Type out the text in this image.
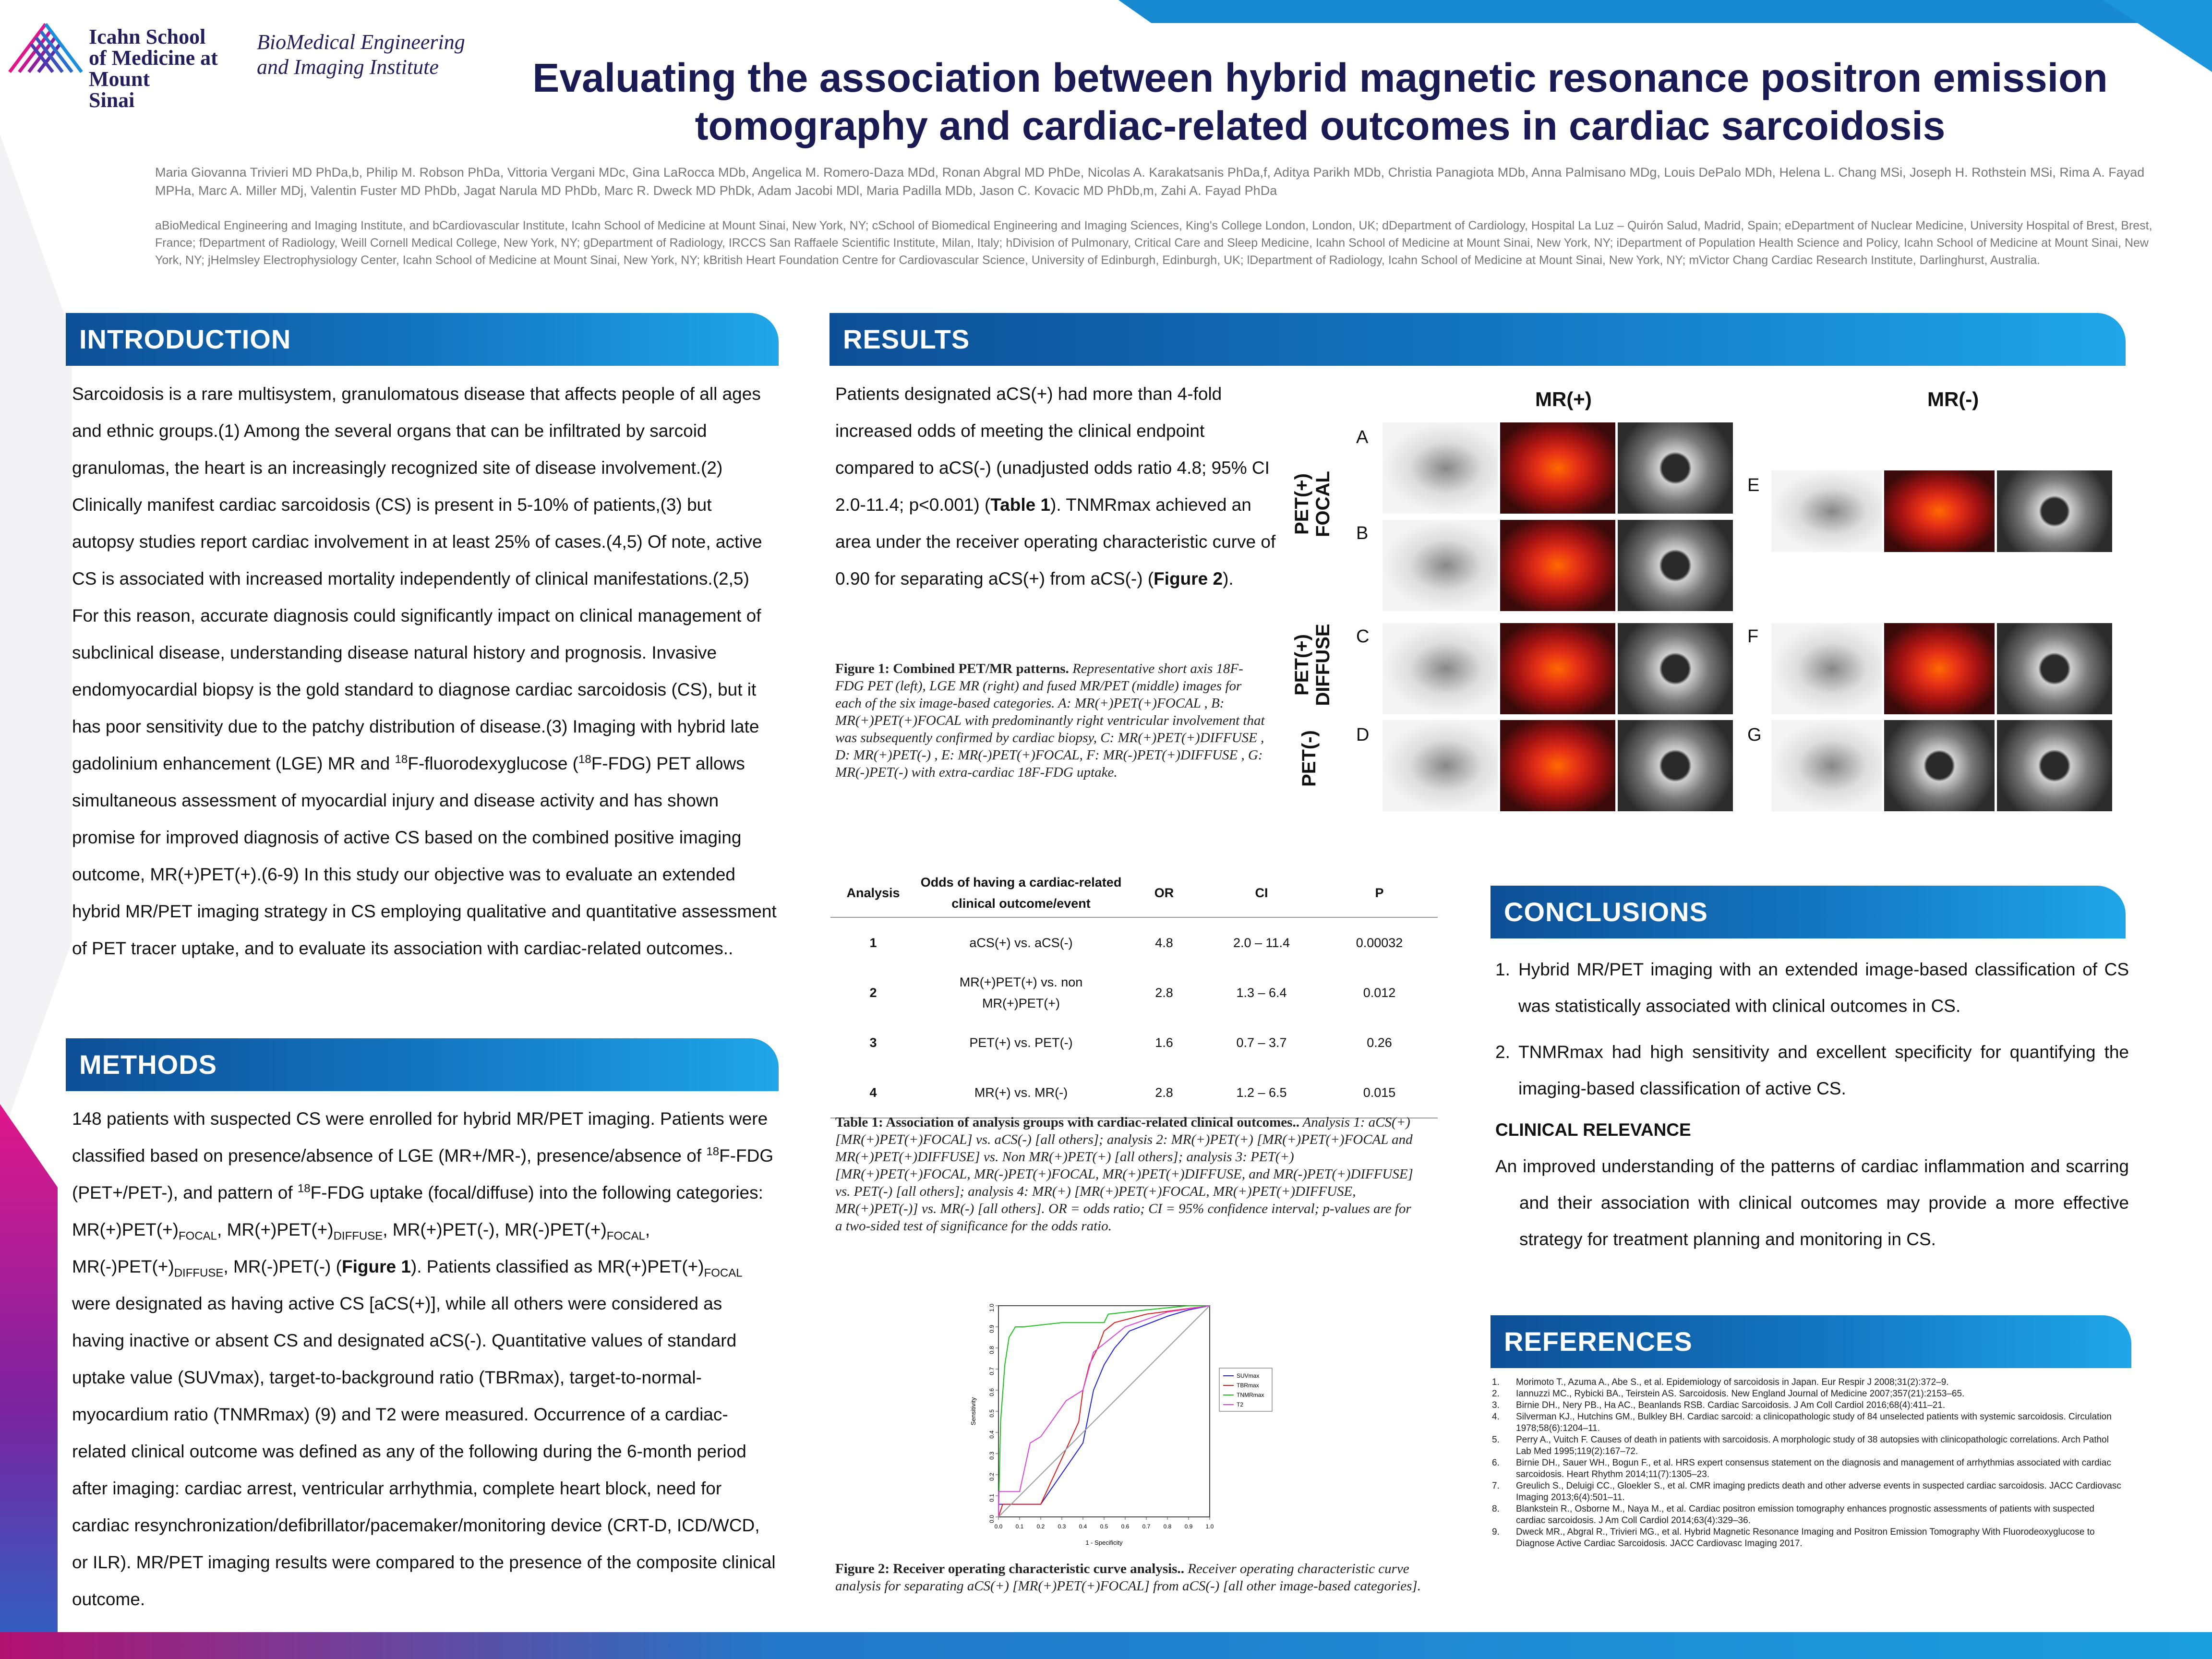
Icahn School
of Medicine at
Mount
Sinai
BioMedical Engineering
and Imaging Institute	Evaluating the association between hybrid magnetic resonance positron emission
tomography and cardiac-related outcomes in cardiac sarcoidosis
Maria Giovanna Trivieri MD PhDa,b, Philip M. Robson PhDa, Vittoria Vergani MDc, Gina LaRocca MDb, Angelica M. Romero-Daza MDd, Ronan Abgral MD PhDe, Nicolas A. Karakatsanis PhDa,f, Aditya Parikh MDb, Christia Panagiota MDb, Anna Palmisano MDg, Louis DePalo MDh, Helena L. Chang MSi, Joseph H. Rothstein MSi, Rima A. Fayad MPHa, Marc A. Miller MDj, Valentin Fuster MD PhDb, Jagat Narula MD PhDb, Marc R. Dweck MD PhDk, Adam Jacobi MDl, Maria Padilla MDb, Jason C. Kovacic MD PhDb,m, Zahi A. Fayad PhDa
aBioMedical Engineering and Imaging Institute, and bCardiovascular Institute, Icahn School of Medicine at Mount Sinai, New York, NY; cSchool of Biomedical Engineering and Imaging Sciences, King's College London, London, UK; dDepartment of Cardiology, Hospital La Luz – Quirón Salud, Madrid, Spain; eDepartment of Nuclear Medicine, University Hospital of Brest, Brest, France; fDepartment of Radiology, Weill Cornell Medical College, New York, NY; gDepartment of Radiology, IRCCS San Raffaele Scientific Institute, Milan, Italy; hDivision of Pulmonary, Critical Care and Sleep Medicine, Icahn School of Medicine at Mount Sinai, New York, NY; iDepartment of Population Health Science and Policy, Icahn School of Medicine at Mount Sinai, New York, NY; jHelmsley Electrophysiology Center, Icahn School of Medicine at Mount Sinai, New York, NY; kBritish Heart Foundation Centre for Cardiovascular Science, University of Edinburgh, Edinburgh, UK; lDepartment of Radiology, Icahn School of Medicine at Mount Sinai, New York, NY; mVictor Chang Cardiac Research Institute, Darlinghurst, Australia.
INTRODUCTION
Sarcoidosis is a rare multisystem, granulomatous disease that affects people of all ages and ethnic groups.(1) Among the several organs that can be infiltrated by sarcoid granulomas, the heart is an increasingly recognized site of disease involvement.(2) Clinically manifest cardiac sarcoidosis (CS) is present in 5-10% of patients,(3) but autopsy studies report cardiac involvement in at least 25% of cases.(4,5) Of note, active CS is associated with increased mortality independently of clinical manifestations.(2,5) For this reason, accurate diagnosis could significantly impact on clinical management of subclinical disease, understanding disease natural history and prognosis. Invasive endomyocardial biopsy is the gold standard to diagnose cardiac sarcoidosis (CS), but it has poor sensitivity due to the patchy distribution of disease.(3) Imaging with hybrid late gadolinium enhancement (LGE) MR and $^{18}$F-fluorodexyglucose ($^{18}$F-FDG) PET allows simultaneous assessment of myocardial injury and disease activity and has shown promise for improved diagnosis of active CS based on the combined positive imaging outcome, MR(+)PET(+).(6-9) In this study our objective was to evaluate an extended hybrid MR/PET imaging strategy in CS employing qualitative and quantitative assessment of PET tracer uptake, and to evaluate its association with cardiac-related outcomes..
METHODS
148 patients with suspected CS were enrolled for hybrid MR/PET imaging. Patients were classified based on presence/absence of LGE (MR+/MR-), presence/absence of $^{18}$F-FDG (PET+/PET-), and pattern of $^{18}$F-FDG uptake (focal/diffuse) into the following categories: $MR(+)PET(+)_{FOCAL}$, $MR(+)PET(+)_{DIFFUSE}$, MR(+)PET(-), $MR(-)PET(+)_{FOCAL}$, $MR(-)PET(+)_{DIFFUSE}$, MR(-)PET(-) (Figure 1). Patients classified as $MR(+)PET(+)_{FOCAL}$ were designated as having active CS [aCS(+)], while all others were considered as having inactive or absent CS and designated aCS(-). Quantitative values of standard uptake value (SUVmax), target-to-background ratio (TBRmax), target-to-normal-myocardium ratio (TNMRmax) (9) and T2 were measured. Occurrence of a cardiac-related clinical outcome was defined as any of the following during the 6-month period after imaging: cardiac arrest, ventricular arrhythmia, complete heart block, need for cardiac resynchronization/defibrillator/pacemaker/monitoring device (CRT-D, ICD/WCD, or ILR). MR/PET imaging results were compared to the presence of the composite clinical outcome.
RESULTS
Patients designated aCS(+) had more than 4-fold increased odds of meeting the clinical endpoint compared to aCS(-) (unadjusted odds ratio 4.8; 95% CI 2.0-11.4; p<0.001) (Table 1). TNMRmax achieved an area under the receiver operating characteristic curve of 0.90 for separating aCS(+) from aCS(-) (Figure 2).
MR(+)	MR(-)
PET(+) FOCAL
PET(+) DIFFUSE
PET(-)
A
B
C
D
E
F
G
Figure 1: Combined PET/MR patterns. Representative short axis 18F-FDG PET (left), LGE MR (right) and fused MR/PET (middle) images for each of the six image-based categories. A: MR(+)PET(+)FOCAL , B: MR(+)PET(+)FOCAL with predominantly right ventricular involvement that was subsequently confirmed by cardiac biopsy, C: MR(+)PET(+)DIFFUSE , D: MR(+)PET(-) , E: MR(-)PET(+)FOCAL, F: MR(-)PET(+)DIFFUSE , G: MR(-)PET(-) with extra-cardiac 18F-FDG uptake.
Analysis	Odds of having a cardiac-related clinical outcome/event	OR	CI	P
1	aCS(+) vs. aCS(-)	4.8	2.0 – 11.4	0.00032
2	MR(+)PET(+) vs. non MR(+)PET(+)	2.8	1.3 – 6.4	0.012
3	PET(+) vs. PET(-)	1.6	0.7 – 3.7	0.26
4	MR(+) vs. MR(-)	2.8	1.2 – 6.5	0.015
Table 1: Association of analysis groups with cardiac-related clinical outcomes.. Analysis 1: aCS(+) [MR(+)PET(+)FOCAL] vs. aCS(-) [all others]; analysis 2: MR(+)PET(+) [MR(+)PET(+)FOCAL and MR(+)PET(+)DIFFUSE] vs. Non MR(+)PET(+) [all others]; analysis 3: PET(+) [MR(+)PET(+)FOCAL, MR(-)PET(+)FOCAL, MR(+)PET(+)DIFFUSE, and MR(-)PET(+)DIFFUSE] vs. PET(-) [all others]; analysis 4: MR(+) [MR(+)PET(+)FOCAL, MR(+)PET(+)DIFFUSE, MR(+)PET(-)] vs. MR(-) [all others]. OR = odds ratio; CI = 95% confidence interval; p-values are for a two-sided test of significance for the odds ratio.
0.0 0.1 0.2 0.3 0.4 0.5 0.6 0.7 0.8 0.9 1.0
0.0
0.1
0.2
0.3
0.4
0.5
0.6
0.7
0.8
0.9
1.0
1 - Specificity
Sensitivity
SUVmax
TBRmax
TNMRmax
T2
Figure 2: Receiver operating characteristic curve analysis.. Receiver operating characteristic curve analysis for separating aCS(+) [MR(+)PET(+)FOCAL] from aCS(-) [all other image-based categories].
CONCLUSIONS
1. Hybrid MR/PET imaging with an extended image-based classification of CS was statistically associated with clinical outcomes in CS.
2. TNMRmax had high sensitivity and excellent specificity for quantifying the imaging-based classification of active CS.
CLINICAL RELEVANCE
An improved understanding of the patterns of cardiac inflammation and scarring and their association with clinical outcomes may provide a more effective strategy for treatment planning and monitoring in CS.
REFERENCES
1.	Morimoto T., Azuma A., Abe S., et al. Epidemiology of sarcoidosis in Japan. Eur Respir J 2008;31(2):372–9.
2.	Iannuzzi MC., Rybicki BA., Teirstein AS. Sarcoidosis. New England Journal of Medicine 2007;357(21):2153–65.
3.	Birnie DH., Nery PB., Ha AC., Beanlands RSB. Cardiac Sarcoidosis. J Am Coll Cardiol 2016;68(4):411–21.
4.	Silverman KJ., Hutchins GM., Bulkley BH. Cardiac sarcoid: a clinicopathologic study of 84 unselected patients with systemic sarcoidosis. Circulation 1978;58(6):1204–11.
5.	Perry A., Vuitch F. Causes of death in patients with sarcoidosis. A morphologic study of 38 autopsies with clinicopathologic correlations. Arch Pathol Lab Med 1995;119(2):167–72.
6.	Birnie DH., Sauer WH., Bogun F., et al. HRS expert consensus statement on the diagnosis and management of arrhythmias associated with cardiac sarcoidosis. Heart Rhythm 2014;11(7):1305–23.
7.	Greulich S., Deluigi CC., Gloekler S., et al. CMR imaging predicts death and other adverse events in suspected cardiac sarcoidosis. JACC Cardiovasc Imaging 2013;6(4):501–11.
8.	Blankstein R., Osborne M., Naya M., et al. Cardiac positron emission tomography enhances prognostic assessments of patients with suspected cardiac sarcoidosis. J Am Coll Cardiol 2014;63(4):329–36.
9.	Dweck MR., Abgral R., Trivieri MG., et al. Hybrid Magnetic Resonance Imaging and Positron Emission Tomography With Fluorodeoxyglucose to Diagnose Active Cardiac Sarcoidosis. JACC Cardiovasc Imaging 2017.
